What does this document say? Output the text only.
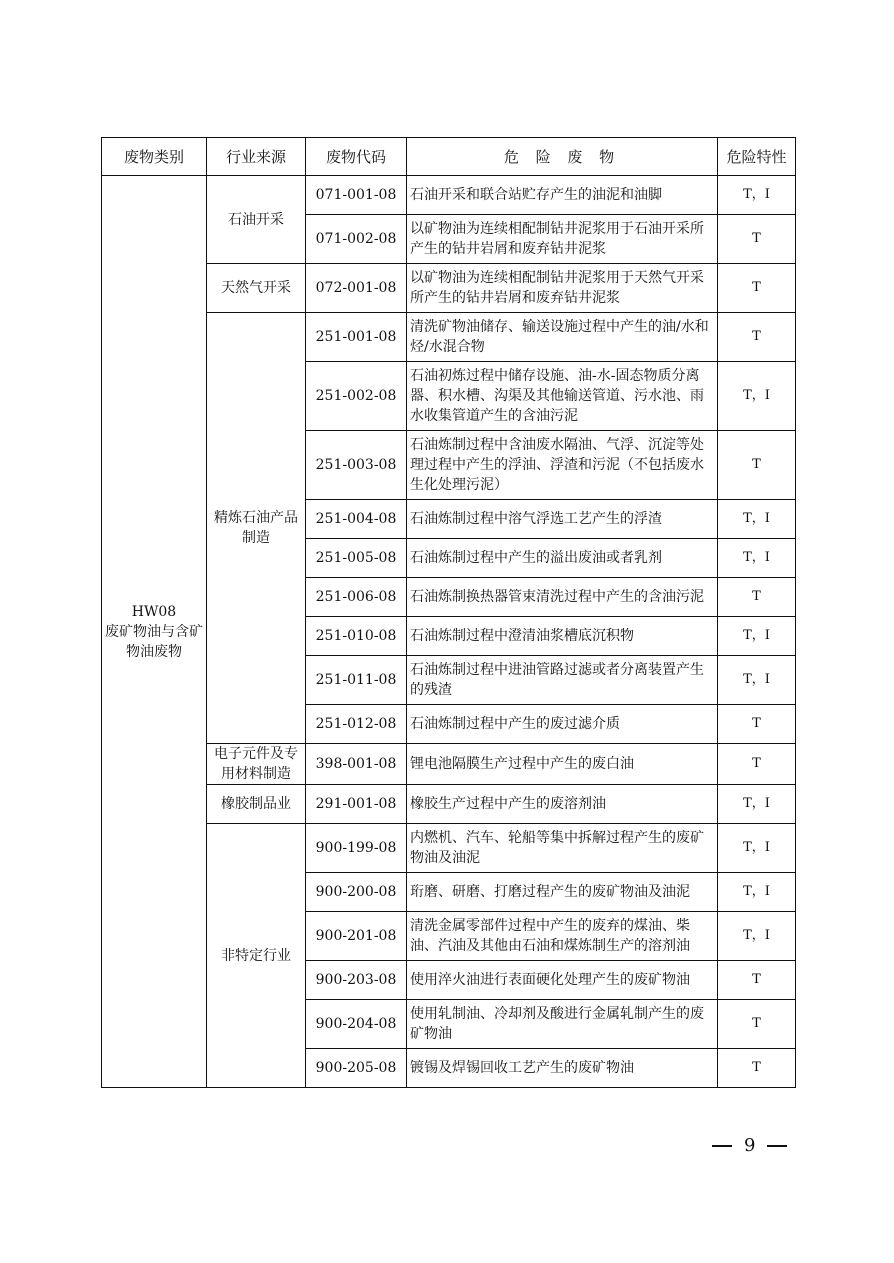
废物类别	行业来源	废物代码	危 险 废 物	危险特性

HW08
废矿物油与含矿物油废物	石油开采	071-001-08	石油开采和联合站贮存产生的油泥和油脚	T，I
		071-002-08	以矿物油为连续相配制钻井泥浆用于石油开采所产生的钻井岩屑和废弃钻井泥浆	T
	天然气开采	072-001-08	以矿物油为连续相配制钻井泥浆用于天然气开采所产生的钻井岩屑和废弃钻井泥浆	T
	精炼石油产品制造	251-001-08	清洗矿物油储存、输送设施过程中产生的油/水和烃/水混合物	T
		251-002-08	石油初炼过程中储存设施、油-水-固态物质分离器、积水槽、沟渠及其他输送管道、污水池、雨水收集管道产生的含油污泥	T，I
		251-003-08	石油炼制过程中含油废水隔油、气浮、沉淀等处理过程中产生的浮油、浮渣和污泥（不包括废水生化处理污泥）	T
		251-004-08	石油炼制过程中溶气浮选工艺产生的浮渣	T，I
		251-005-08	石油炼制过程中产生的溢出废油或者乳剂	T，I
		251-006-08	石油炼制换热器管束清洗过程中产生的含油污泥	T
		251-010-08	石油炼制过程中澄清油浆槽底沉积物	T，I
		251-011-08	石油炼制过程中进油管路过滤或者分离装置产生的残渣	T，I
		251-012-08	石油炼制过程中产生的废过滤介质	T
	电子元件及专用材料制造	398-001-08	锂电池隔膜生产过程中产生的废白油	T
	橡胶制品业	291-001-08	橡胶生产过程中产生的废溶剂油	T，I
	非特定行业	900-199-08	内燃机、汽车、轮船等集中拆解过程产生的废矿物油及油泥	T，I
		900-200-08	珩磨、研磨、打磨过程产生的废矿物油及油泥	T，I
		900-201-08	清洗金属零部件过程中产生的废弃的煤油、柴油、汽油及其他由石油和煤炼制生产的溶剂油	T，I
		900-203-08	使用淬火油进行表面硬化处理产生的废矿物油	T
		900-204-08	使用轧制油、冷却剂及酸进行金属轧制产生的废矿物油	T
		900-205-08	镀锡及焊锡回收工艺产生的废矿物油	T
9
